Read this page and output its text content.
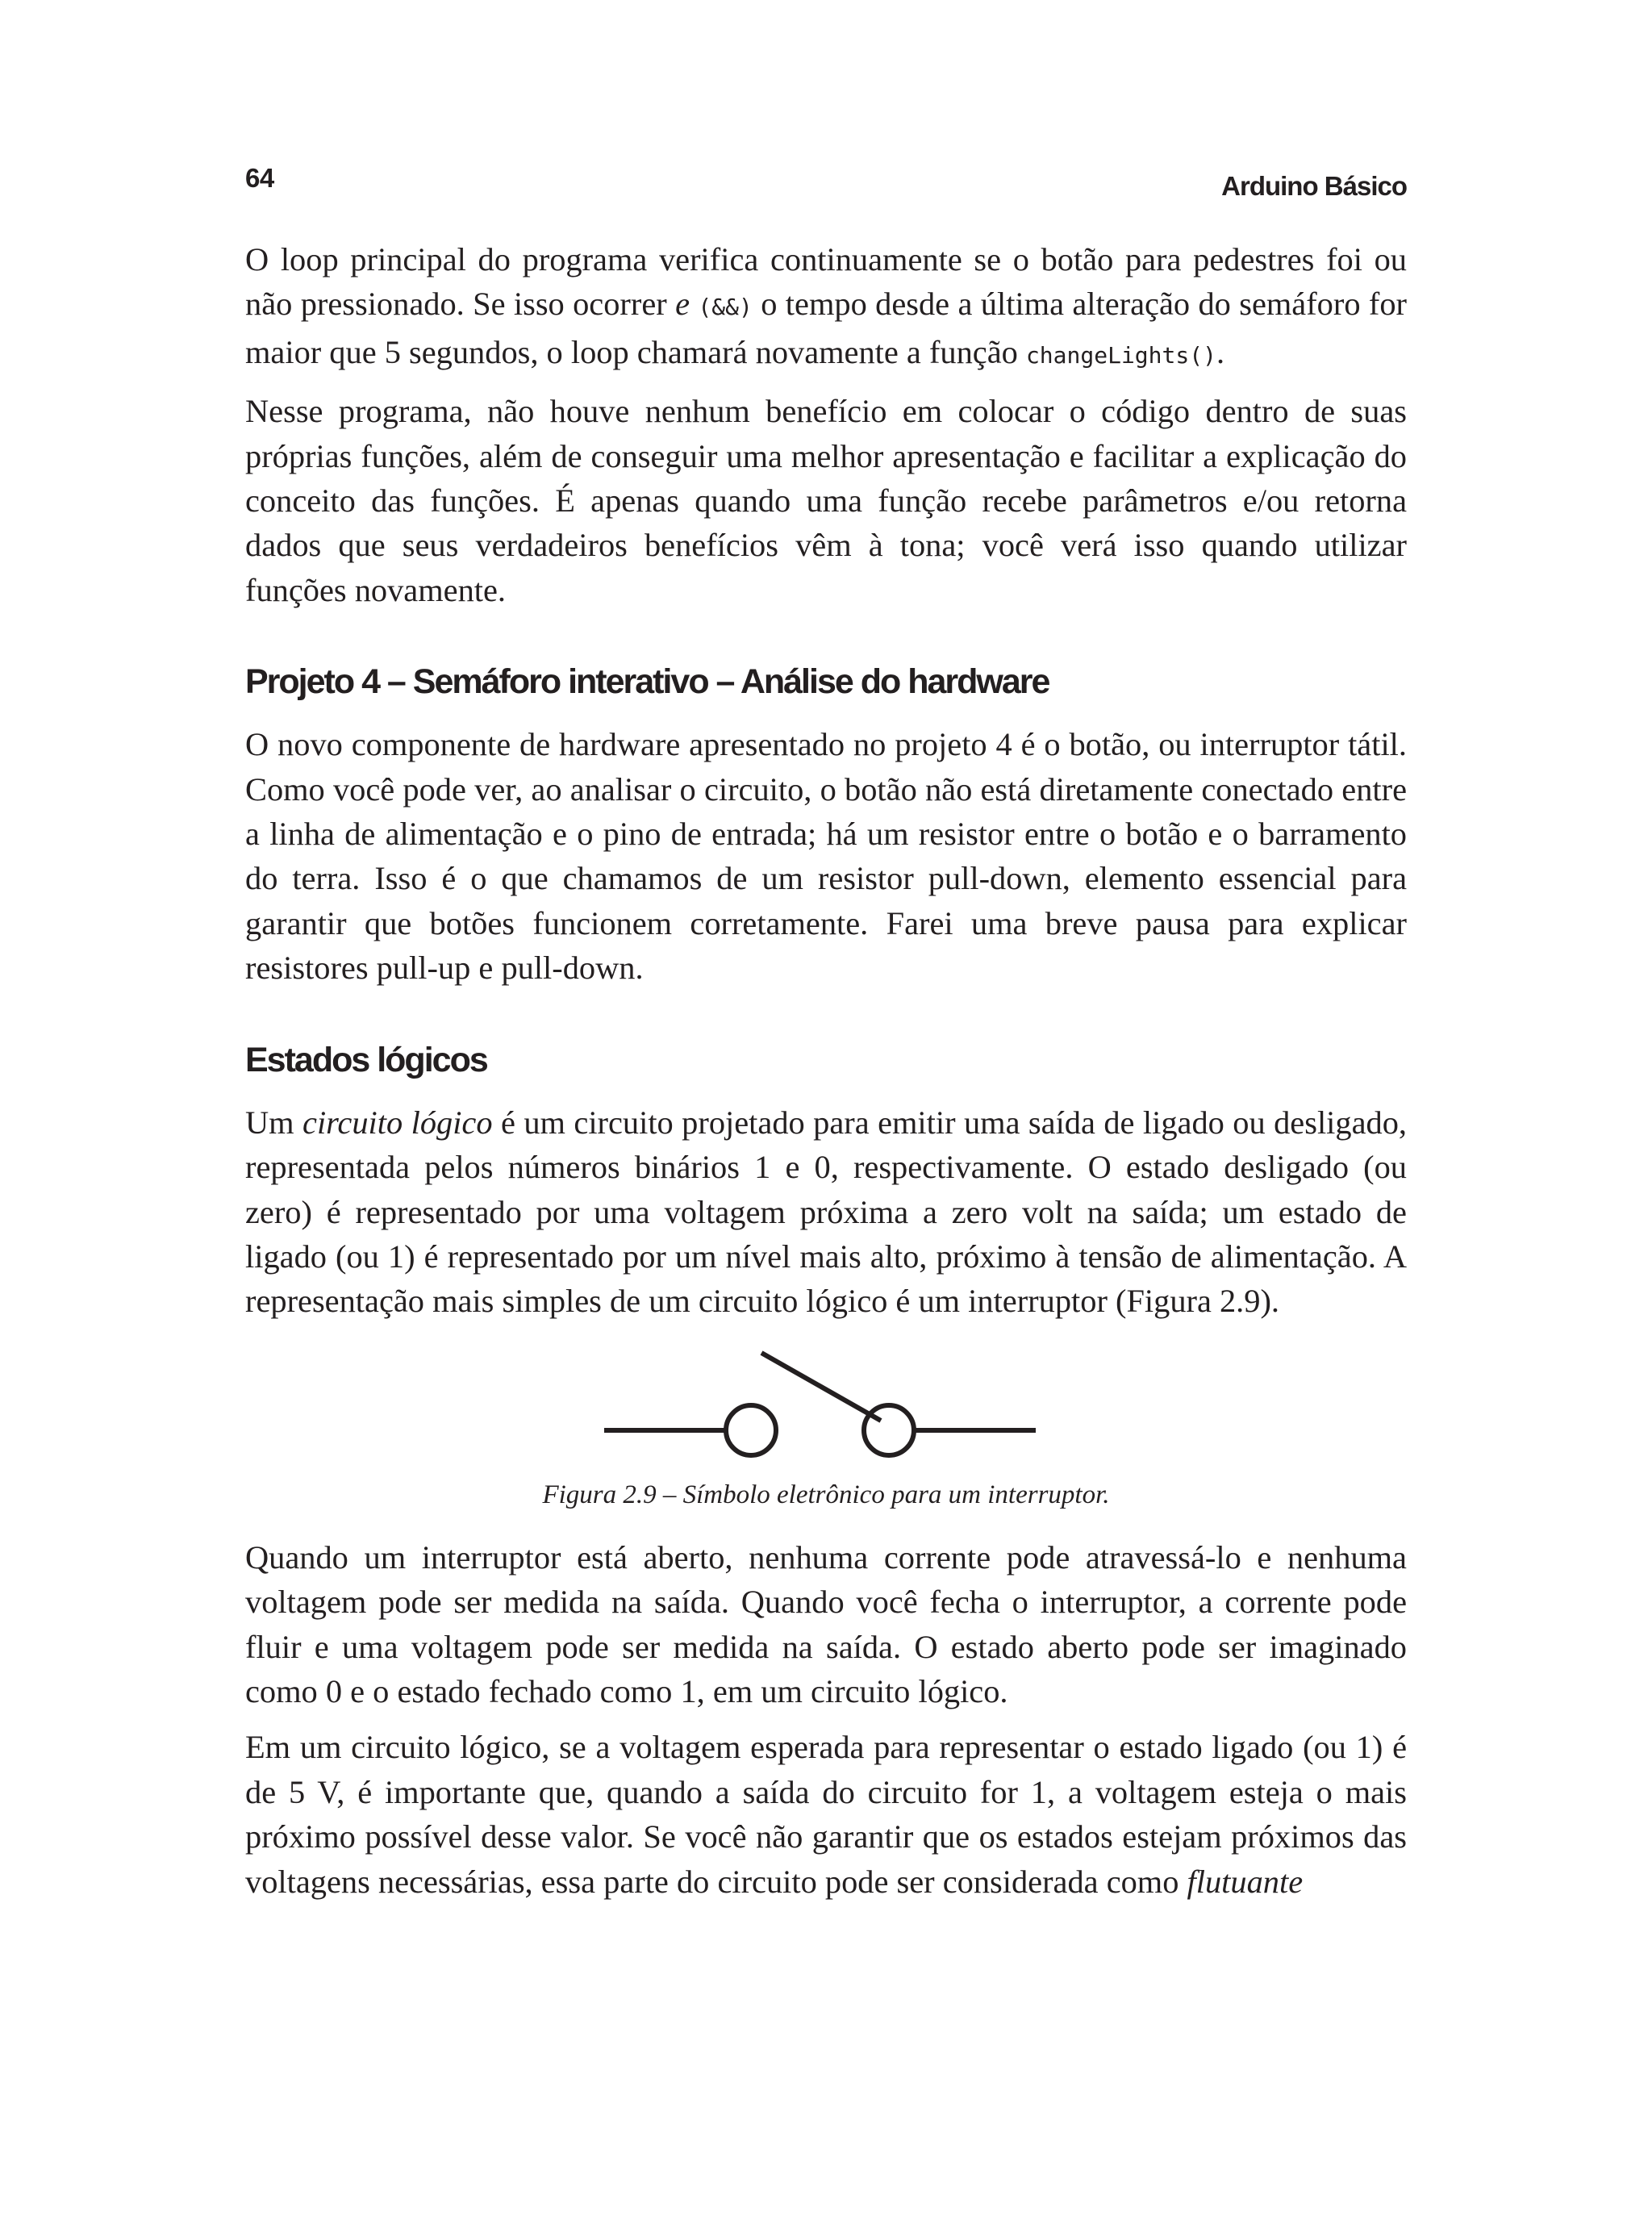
64	Arduino Básico

O loop principal do programa verifica continuamente se o botão para pedestres foi ou não pressionado. Se isso ocorrer e (&&) o tempo desde a última alteração do semáforo for maior que 5 segundos, o loop chamará novamente a função changeLights().

Nesse programa, não houve nenhum benefício em colocar o código dentro de suas próprias funções, além de conseguir uma melhor apresentação e facilitar a explicação do conceito das funções. É apenas quando uma função recebe parâmetros e/ou retorna dados que seus verdadeiros benefícios vêm à tona; você verá isso quando utilizar funções novamente.

Projeto 4 – Semáforo interativo – Análise do hardware

O novo componente de hardware apresentado no projeto 4 é o botão, ou interruptor tátil. Como você pode ver, ao analisar o circuito, o botão não está diretamente conectado entre a linha de alimentação e o pino de entrada; há um resistor entre o botão e o barramento do terra. Isso é o que chamamos de um resistor pull-down, elemento essencial para garantir que botões funcionem corretamente. Farei uma breve pausa para explicar resistores pull-up e pull-down.

Estados lógicos

Um circuito lógico é um circuito projetado para emitir uma saída de ligado ou desligado, representada pelos números binários 1 e 0, respectivamente. O estado desligado (ou zero) é representado por uma voltagem próxima a zero volt na saída; um estado de ligado (ou 1) é representado por um nível mais alto, próximo à tensão de alimentação. A representação mais simples de um circuito lógico é um interruptor (Figura 2.9).

Figura 2.9 – Símbolo eletrônico para um interruptor.

Quando um interruptor está aberto, nenhuma corrente pode atravessá-lo e nenhuma voltagem pode ser medida na saída. Quando você fecha o interruptor, a corrente pode fluir e uma voltagem pode ser medida na saída. O estado aberto pode ser imaginado como 0 e o estado fechado como 1, em um circuito lógico.

Em um circuito lógico, se a voltagem esperada para representar o estado ligado (ou 1) é de 5 V, é importante que, quando a saída do circuito for 1, a voltagem esteja o mais próximo possível desse valor. Se você não garantir que os estados estejam próximos das voltagens necessárias, essa parte do circuito pode ser considerada como flutuante
